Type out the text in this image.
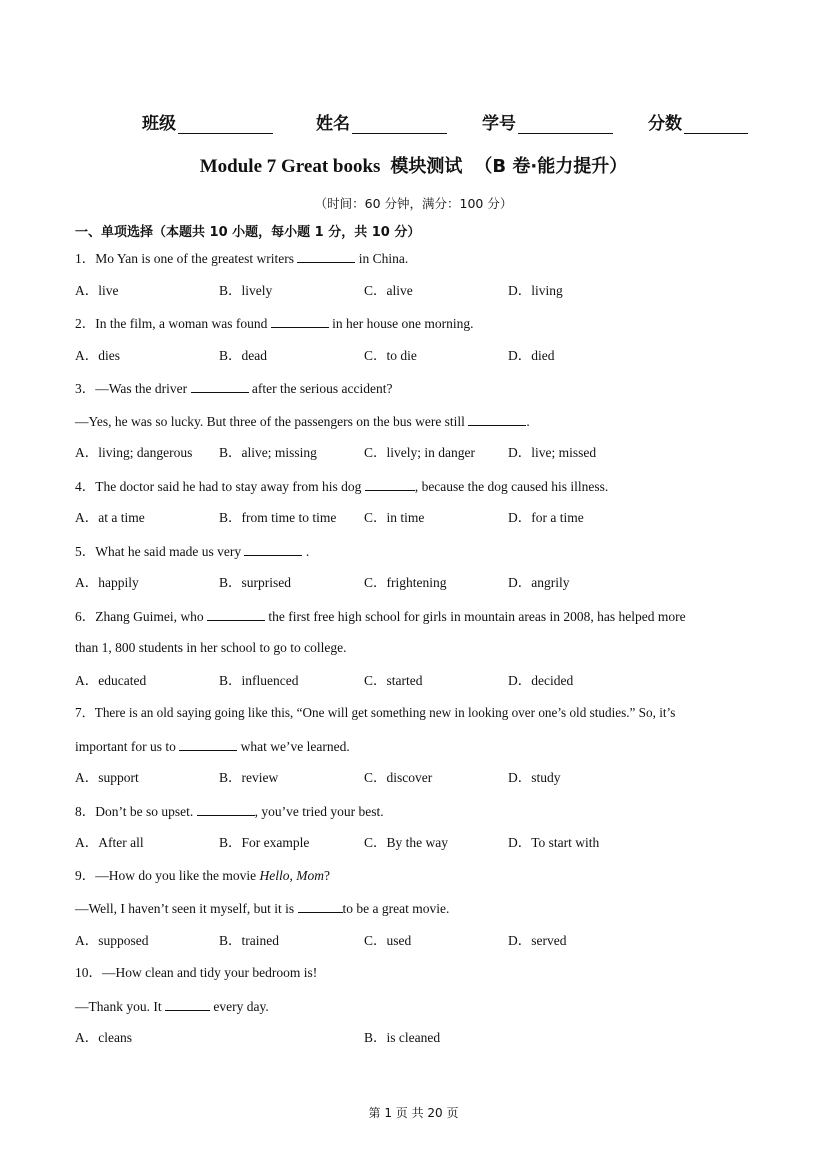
班级	姓名	学号	分数
Module 7 Great books 模块测试 （B 卷·能力提升）
（时间：60 分钟，满分：100 分）
一、单项选择（本题共 10 小题，每小题 1 分，共 10 分）
1．Mo Yan is one of the greatest writers	in China.
A．live	B．lively	C．alive	D．living
2．In the film, a woman was found	in her house one morning.
A．dies	B．dead	C．to die	D．died
3．—Was the driver	after the serious accident?
—Yes, he was so lucky. But three of the passengers on the bus were still	.
A．living; dangerous B．alive; missing	C．lively; in danger D．live; missed
4．The doctor said he had to stay away from his dog	, because the dog caused his illness.
A．at a time	B．from time to time C．in time	D．for a time
5．What he said made us very	.
A．happily	B．surprised	C．frightening	D．angrily
6．Zhang Guimei, who	the first free high school for girls in mountain areas in 2008, has helped more
than 1, 800 students in her school to go to college.
A．educated	B．influenced	C．started	D．decided
7．There is an old saying going like this, “One will get something new in looking over one’s old studies.” So, it’s
important for us to	what we’ve learned.
A．support	B．review	C．discover	D．study
8．Don’t be so upset.	, you’ve tried your best.
A．After all	B．For example	C．By the way	D．To start with
9．—How do you like the movie Hello, Mom?
—Well, I haven’t seen it myself, but it is	to be a great movie.
A．supposed	B．trained	C．used	D．served
10．—How clean and tidy your bedroom is!
—Thank you. It	every day.
A．cleans	B．is cleaned
第 1 页 共 20 页
